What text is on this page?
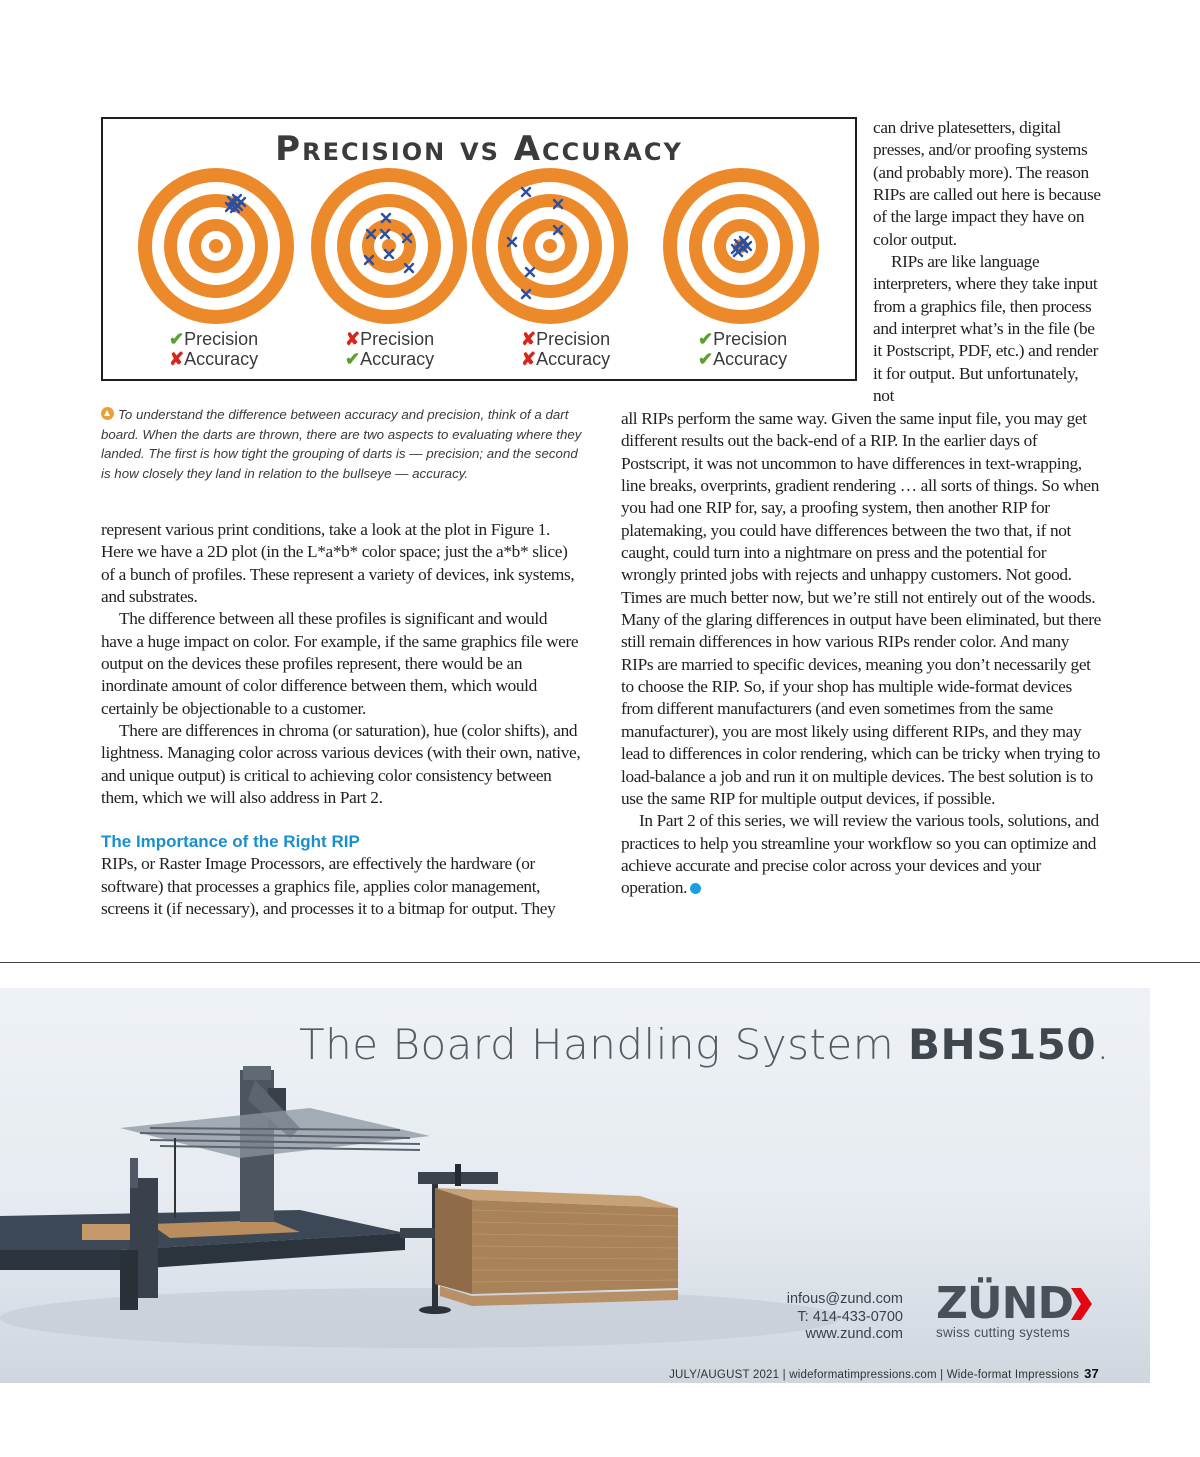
Precision vs Accuracy
✔Precision
✘Accuracy
✘Precision
✔Accuracy
✘Precision
✘Accuracy
✔Precision
✔Accuracy
To understand the difference between accuracy and precision, think of a dart board. When the darts are thrown, there are two aspects to evaluating where they landed. The first is how tight the grouping of darts is — precision; and the second is how closely they land in relation to the bullseye — accuracy.

can drive platesetters, digital presses, and/or proofing systems (and probably more). The reason RIPs are called out here is because of the large impact they have on color output.

RIPs are like language interpreters, where they take input from a graphics file, then process and interpret what’s in the file (be it Postscript, PDF, etc.) and render it for output. But unfortunately, not

all RIPs perform the same way. Given the same input file, you may get different results out the back-end of a RIP. In the earlier days of Postscript, it was not uncommon to have differences in text-wrapping, line breaks, overprints, gradient rendering … all sorts of things. So when you had one RIP for, say, a proofing system, then another RIP for platemaking, you could have differences between the two that, if not caught, could turn into a nightmare on press and the potential for wrongly printed jobs with rejects and unhappy customers. Not good. Times are much better now, but we’re still not entirely out of the woods. Many of the glaring differences in output have been eliminated, but there still remain differences in how various RIPs render color. And many RIPs are married to specific devices, meaning you don’t necessarily get to choose the RIP. So, if your shop has multiple wide-format devices from different manufacturers (and even sometimes from the same manufacturer), you are most likely using different RIPs, and they may lead to differences in color rendering, which can be tricky when trying to load-balance a job and run it on multiple devices. The best solution is to use the same RIP for multiple output devices, if possible.

In Part 2 of this series, we will review the various tools, solutions, and practices to help you streamline your workflow so you can optimize and achieve accurate and precise color across your devices and your operation.

represent various print conditions, take a look at the plot in Figure 1. Here we have a 2D plot (in the L*a*b* color space; just the a*b* slice) of a bunch of profiles. These represent a variety of devices, ink systems, and substrates.

The difference between all these profiles is significant and would have a huge impact on color. For example, if the same graphics file were output on the devices these profiles represent, there would be an inordinate amount of color difference between them, which would certainly be objectionable to a customer.

There are differences in chroma (or saturation), hue (color shifts), and lightness. Managing color across various devices (with their own, native, and unique output) is critical to achieving color consistency between them, which we will also address in Part 2.

The Importance of the Right RIP

RIPs, or Raster Image Processors, are effectively the hardware (or software) that processes a graphics file, applies color management, screens it (if necessary), and processes it to a bitmap for output. They

The Board Handling System BHS150.
infous@zund.com
T: 414-433-0700
www.zund.com
ZÜND
swiss cutting systems
JULY/AUGUST 2021 | wideformatimpressions.com | Wide-format Impressions 37
